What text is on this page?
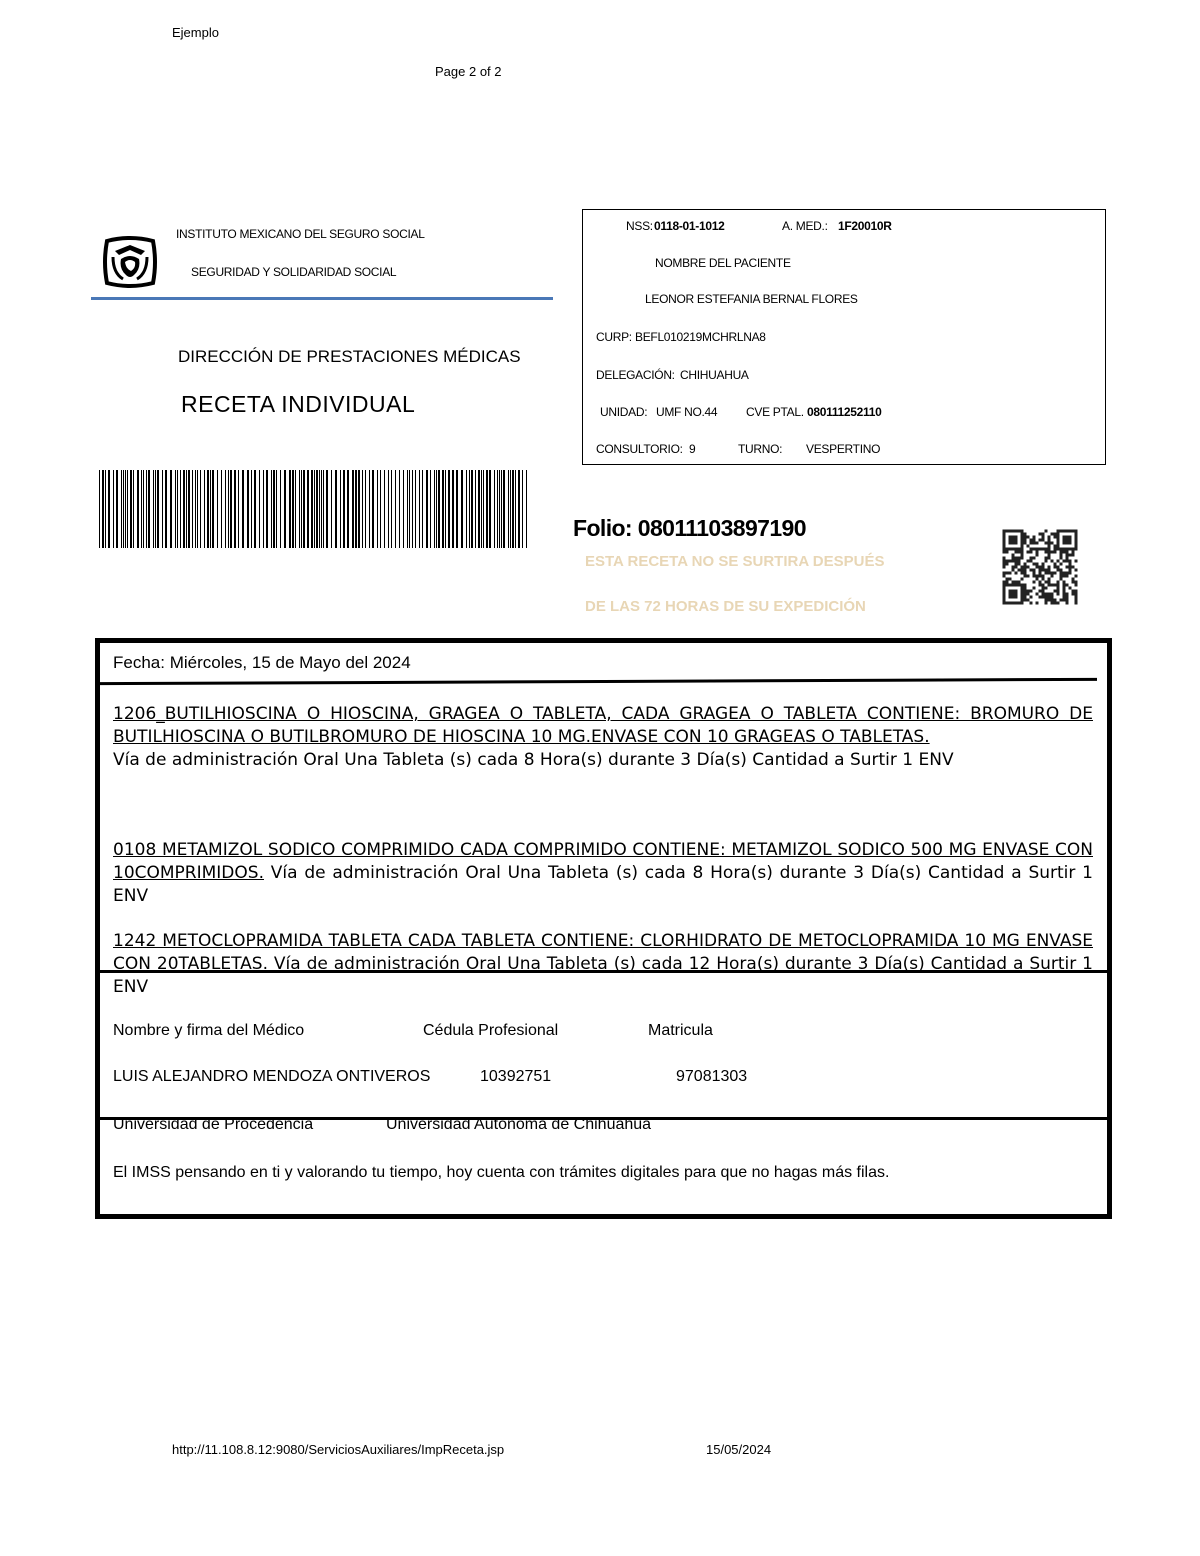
Ejemplo
Page 2 of 2
INSTITUTO MEXICANO DEL SEGURO SOCIAL
SEGURIDAD Y SOLIDARIDAD SOCIAL
DIRECCIÓN DE PRESTACIONES MÉDICAS
RECETA INDIVIDUAL
NSS: 0118-01-1012	A. MED.: 1F20010R
NOMBRE DEL PACIENTE
LEONOR ESTEFANIA BERNAL FLORES
CURP: BEFL010219MCHRLNA8
DELEGACIÓN: CHIHUAHUA
UNIDAD: UMF NO.44 CVE PTAL. 080111252110
CONSULTORIO: 9	TURNO: VESPERTINO
Folio: 08011103897190
ESTA RECETA NO SE SURTIRA DESPUÉS
DE LAS 72 HORAS DE SU EXPEDICIÓN
Fecha: Miércoles, 15 de Mayo del 2024
1206_BUTILHIOSCINA O HIOSCINA, GRAGEA O TABLETA, CADA GRAGEA O TABLETA CONTIENE: BROMURO DE BUTILHIOSCINA O BUTILBROMURO DE HIOSCINA 10 MG.ENVASE CON 10 GRAGEAS O TABLETAS.
Vía de administración Oral Una Tableta (s) cada 8 Hora(s) durante 3 Día(s) Cantidad a Surtir 1 ENV
0108 METAMIZOL SODICO COMPRIMIDO CADA COMPRIMIDO CONTIENE: METAMIZOL SODICO 500 MG ENVASE CON 10COMPRIMIDOS. Vía de administración Oral Una Tableta (s) cada 8 Hora(s) durante 3 Día(s) Cantidad a Surtir 1 ENV
1242 METOCLOPRAMIDA TABLETA CADA TABLETA CONTIENE: CLORHIDRATO DE METOCLOPRAMIDA 10 MG ENVASE CON 20TABLETAS. Vía de administración Oral Una Tableta (s) cada 12 Hora(s) durante 3 Día(s) Cantidad a Surtir 1 ENV
Nombre y firma del Médico	Cédula Profesional	Matricula
LUIS ALEJANDRO MENDOZA ONTIVEROS	10392751	97081303
Universidad de Procedencia	Universidad Autonoma de Chihuahua
El IMSS pensando en ti y valorando tu tiempo, hoy cuenta con trámites digitales para que no hagas más filas.
http://11.108.8.12:9080/ServiciosAuxiliares/ImpReceta.jsp	15/05/2024
